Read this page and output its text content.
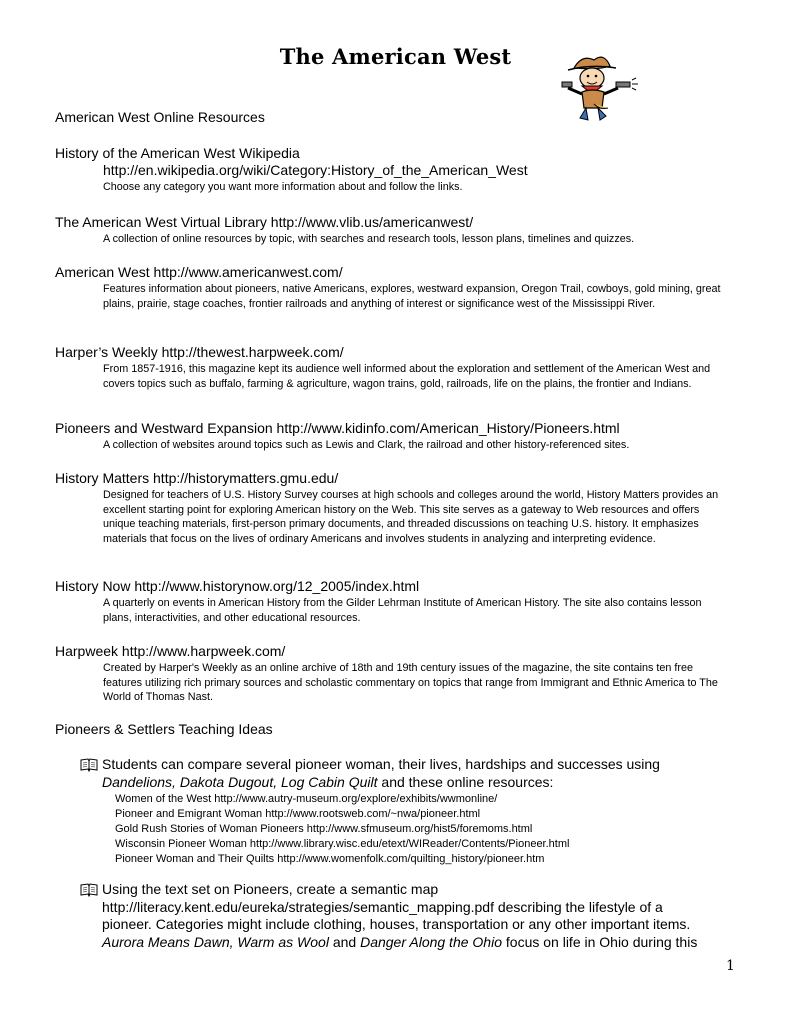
The American West
American West Online Resources
History of the American West Wikipedia
http://en.wikipedia.org/wiki/Category:History_of_the_American_West
Choose any category you want more information about and follow the links.
The American West Virtual Library http://www.vlib.us/americanwest/
A collection of online resources by topic, with searches and research tools, lesson plans, timelines and quizzes.
American West http://www.americanwest.com/
Features information about pioneers, native Americans, explores, westward expansion, Oregon Trail, cowboys, gold mining, great plains, prairie, stage coaches, frontier railroads and anything of interest or significance west of the Mississippi River.
Harper’s Weekly http://thewest.harpweek.com/
From 1857-1916, this magazine kept its audience well informed about the exploration and settlement of the American West and covers topics such as buffalo, farming & agriculture, wagon trains, gold, railroads, life on the plains, the frontier and Indians.
Pioneers and Westward Expansion http://www.kidinfo.com/American_History/Pioneers.html
A collection of websites around topics such as Lewis and Clark, the railroad and other history-referenced sites.
History Matters http://historymatters.gmu.edu/
Designed for teachers of U.S. History Survey courses at high schools and colleges around the world, History Matters provides an excellent starting point for exploring American history on the Web. This site serves as a gateway to Web resources and offers unique teaching materials, first-person primary documents, and threaded discussions on teaching U.S. history. It emphasizes materials that focus on the lives of ordinary Americans and involves students in analyzing and interpreting evidence.
History Now http://www.historynow.org/12_2005/index.html
A quarterly on events in American History from the Gilder Lehrman Institute of American History. The site also contains lesson plans, interactivities, and other educational resources.
Harpweek http://www.harpweek.com/
Created by Harper's Weekly as an online archive of 18th and 19th century issues of the magazine, the site contains ten free features utilizing rich primary sources and scholastic commentary on topics that range from Immigrant and Ethnic America to The World of Thomas Nast.
Pioneers & Settlers Teaching Ideas
Students can compare several pioneer woman, their lives, hardships and successes using
Dandelions, Dakota Dugout, Log Cabin Quilt and these online resources:
Women of the West http://www.autry-museum.org/explore/exhibits/wwmonline/
Pioneer and Emigrant Woman http://www.rootsweb.com/~nwa/pioneer.html
Gold Rush Stories of Woman Pioneers http://www.sfmuseum.org/hist5/foremoms.html
Wisconsin Pioneer Woman http://www.library.wisc.edu/etext/WIReader/Contents/Pioneer.html
Pioneer Woman and Their Quilts http://www.womenfolk.com/quilting_history/pioneer.htm
Using the text set on Pioneers, create a semantic map
http://literacy.kent.edu/eureka/strategies/semantic_mapping.pdf describing the lifestyle of a
pioneer. Categories might include clothing, houses, transportation or any other important items.
Aurora Means Dawn, Warm as Wool and Danger Along the Ohio focus on life in Ohio during this
1
